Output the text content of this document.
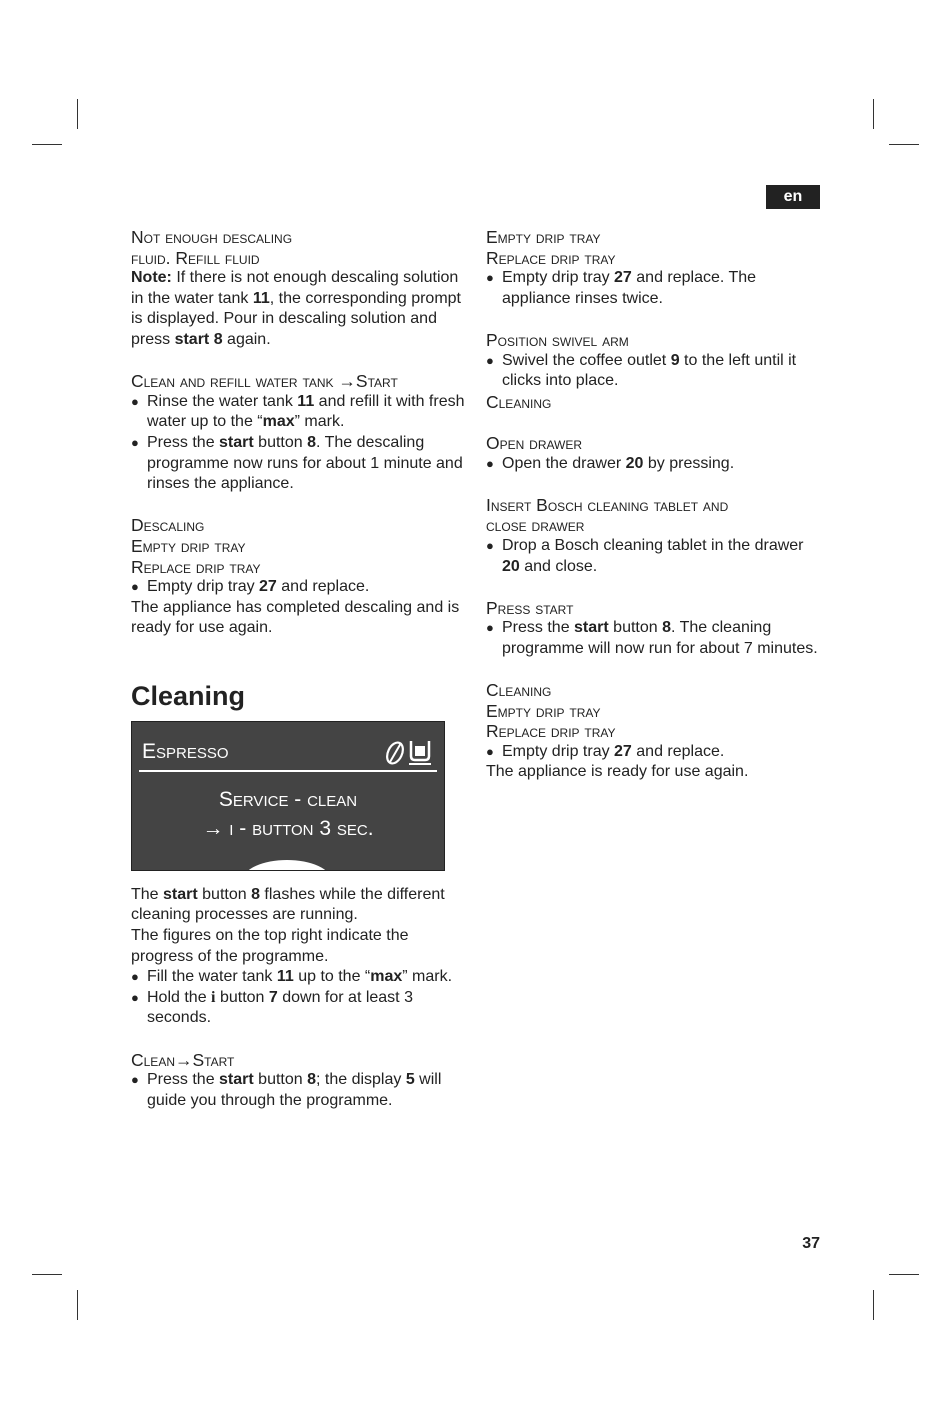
en
Not enough descaling
fluid. Refill fluid

Note: If there is not enough descaling solution in the water tank 11, the corresponding prompt is displayed. Pour in descaling solution and press start 8 again.

Clean and refill water tank →Start

● Rinse the water tank 11 and refill it with fresh water up to the “max” mark.

● Press the start button 8. The descaling programme now runs for about 1 minute and rinses the appliance.

Descaling
Empty drip tray
Replace drip tray

● Empty drip tray 27 and replace.

The appliance has completed descaling and is ready for use again.

Cleaning
Espresso
Service - clean
→ i - button 3 sec.

The start button 8 flashes while the different cleaning processes are running.

The figures on the top right indicate the progress of the programme.

● Fill the water tank 11 up to the “max” mark.

● Hold the i button 7 down for at least 3 seconds.

Clean→Start

● Press the start button 8; the display 5 will guide you through the programme.

Empty drip tray
Replace drip tray

● Empty drip tray 27 and replace. The appliance rinses twice.

Position swivel arm

● Swivel the coffee outlet 9 to the left until it clicks into place.

Cleaning
Open drawer

● Open the drawer 20 by pressing.

Insert Bosch cleaning tablet and
close drawer

● Drop a Bosch cleaning tablet in the drawer 20 and close.

Press start

● Press the start button 8. The cleaning programme will now run for about 7 minutes.

Cleaning
Empty drip tray
Replace drip tray

● Empty drip tray 27 and replace.

The appliance is ready for use again.

37
